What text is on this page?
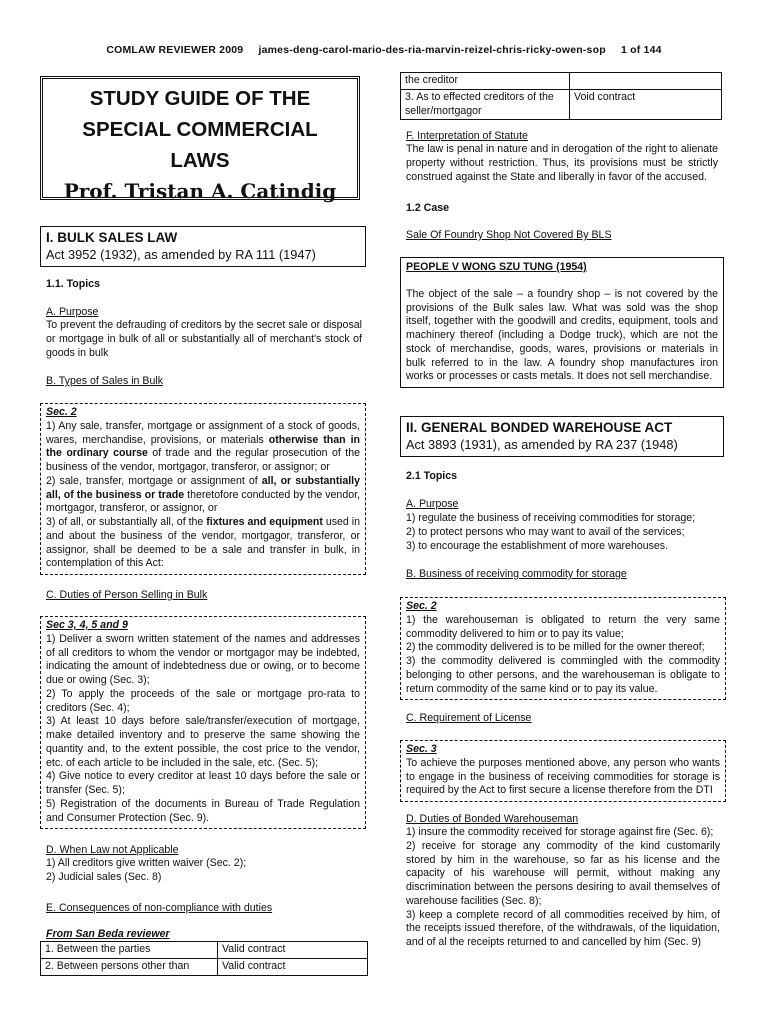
COMLAW REVIEWER 2009 james-deng-carol-mario-des-ria-marvin-reizel-chris-ricky-owen-sop 1 of 144
STUDY GUIDE OF THE
SPECIAL COMMERCIAL
LAWS
Prof. Tristan A. Catindig
I. BULK SALES LAW
Act 3952 (1932), as amended by RA 111 (1947)
1.1. Topics
A. Purpose
To prevent the defrauding of creditors by the secret sale or disposal or mortgage in bulk of all or substantially all of merchant's stock of goods in bulk
B. Types of Sales in Bulk

Sec. 2

1) Any sale, transfer, mortgage or assignment of a stock of goods, wares, merchandise, provisions, or materials otherwise than in the ordinary course of trade and the regular prosecution of the business of the vendor, mortgagor, transferor, or assignor; or

2) sale, transfer, mortgage or assignment of all, or substantially all, of the business or trade theretofore conducted by the vendor, mortgagor, transferor, or assignor, or

3) of all, or substantially all, of the fixtures and equipment used in and about the business of the vendor, mortgagor, transferor, or assignor, shall be deemed to be a sale and transfer in bulk, in contemplation of this Act:

C. Duties of Person Selling in Bulk

Sec 3, 4, 5 and 9

1) Deliver a sworn written statement of the names and addresses of all creditors to whom the vendor or mortgagor may be indebted, indicating the amount of indebtedness due or owing, or to become due or owing (Sec. 3);

2) To apply the proceeds of the sale or mortgage pro-rata to creditors (Sec. 4);

3) At least 10 days before sale/transfer/execution of mortgage, make detailed inventory and to preserve the same showing the quantity and, to the extent possible, the cost price to the vendor, etc. of each article to be included in the sale, etc. (Sec. 5);

4) Give notice to every creditor at least 10 days before the sale or transfer (Sec. 5);

5) Registration of the documents in Bureau of Trade Regulation and Consumer Protection (Sec. 9).

D. When Law not Applicable
1) All creditors give written waiver (Sec. 2);
2) Judicial sales (Sec. 8)
E. Consequences of non-compliance with duties
From San Beda reviewer
1. Between the parties	Valid contract
2. Between persons other than	Valid contract
the creditor	
3. As to effected creditors of the seller/mortgagor	Void contract
F. Interpretation of Statute
The law is penal in nature and in derogation of the right to alienate property without restriction. Thus, its provisions must be strictly construed against the State and liberally in favor of the accused.
1.2 Case
Sale Of Foundry Shop Not Covered By BLS
PEOPLE V WONG SZU TUNG (1954)
The object of the sale – a foundry shop – is not covered by the provisions of the Bulk sales law. What was sold was the shop itself, together with the goodwill and credits, equipment, tools and machinery thereof (including a Dodge truck), which are not the stock of merchandise, goods, wares, provisions or materials in bulk referred to in the law. A foundry shop manufactures iron works or processes or casts metals. It does not sell merchandise.
II. GENERAL BONDED WAREHOUSE ACT
Act 3893 (1931), as amended by RA 237 (1948)
2.1 Topics
A. Purpose
1) regulate the business of receiving commodities for storage;
2) to protect persons who may want to avail of the services;
3) to encourage the establishment of more warehouses.
B. Business of receiving commodity for storage

Sec. 2

1) the warehouseman is obligated to return the very same commodity delivered to him or to pay its value;

2) the commodity delivered is to be milled for the owner thereof;

3) the commodity delivered is commingled with the commodity belonging to other persons, and the warehouseman is obligate to return commodity of the same kind or to pay its value.

C. Requirement of License

Sec. 3

To achieve the purposes mentioned above, any person who wants to engage in the business of receiving commodities for storage is required by the Act to first secure a license therefore from the DTI

D. Duties of Bonded Warehouseman
1) insure the commodity received for storage against fire (Sec. 6);
2) receive for storage any commodity of the kind customarily stored by him in the warehouse, so far as his license and the capacity of his warehouse will permit, without making any discrimination between the persons desiring to avail themselves of warehouse facilities (Sec. 8);
3) keep a complete record of all commodities received by him, of the receipts issued therefore, of the withdrawals, of the liquidation, and of al the receipts returned to and cancelled by him (Sec. 9)
